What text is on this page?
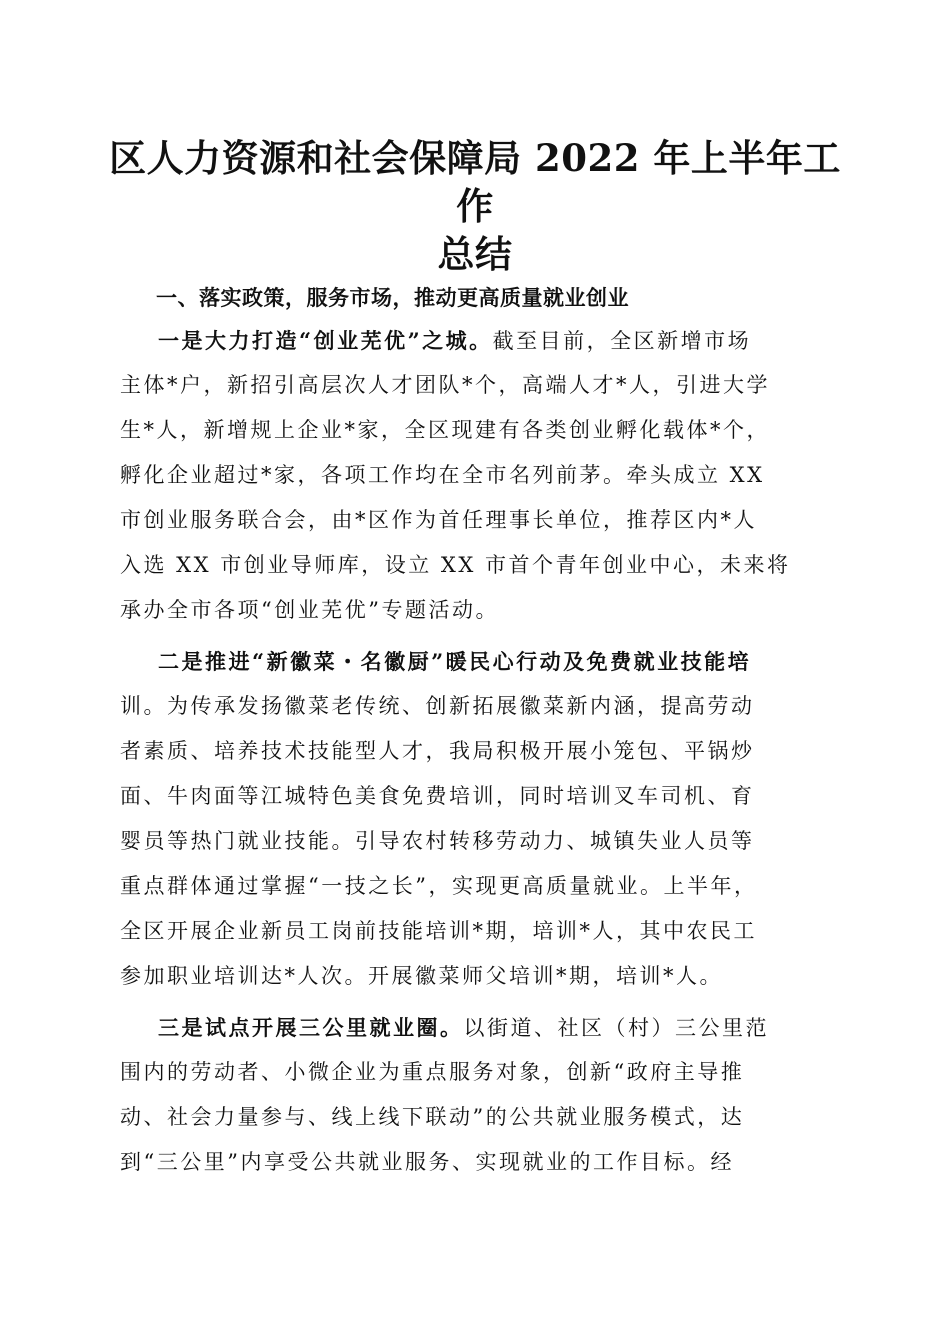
区人力资源和社会保障局 2022 年上半年工作
总结
一、落实政策，服务市场，推动更高质量就业创业
一是大力打造“创业芜优”之城。截至目前，全区新增市场
主体*户，新招引高层次人才团队*个，高端人才*人，引进大学
生*人，新增规上企业*家，全区现建有各类创业孵化载体*个，
孵化企业超过*家，各项工作均在全市名列前茅。牵头成立 XX
市创业服务联合会，由*区作为首任理事长单位，推荐区内*人
入选 XX 市创业导师库，设立 XX 市首个青年创业中心，未来将
承办全市各项“创业芜优”专题活动。
二是推进“新徽菜・名徽厨”暖民心行动及免费就业技能培
训。为传承发扬徽菜老传统、创新拓展徽菜新内涵，提高劳动
者素质、培养技术技能型人才，我局积极开展小笼包、平锅炒
面、牛肉面等江城特色美食免费培训，同时培训叉车司机、育
婴员等热门就业技能。引导农村转移劳动力、城镇失业人员等
重点群体通过掌握“一技之长”，实现更高质量就业。上半年，
全区开展企业新员工岗前技能培训*期，培训*人，其中农民工
参加职业培训达*人次。开展徽菜师父培训*期，培训*人。
三是试点开展三公里就业圈。以街道、社区（村）三公里范
围内的劳动者、小微企业为重点服务对象，创新“政府主导推
动、社会力量参与、线上线下联动”的公共就业服务模式，达
到“三公里”内享受公共就业服务、实现就业的工作目标。经
